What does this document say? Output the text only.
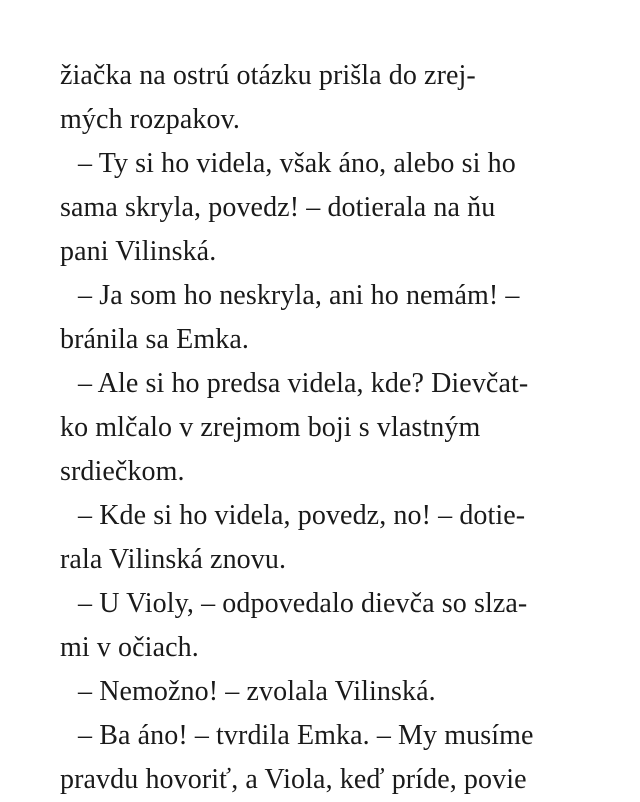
žiačka na ostrú otázku prišla do zrej-
mých rozpakov.
– Ty si ho videla, však áno, alebo si ho
sama skryla, povedz! – dotierala na ňu
pani Vilinská.
– Ja som ho neskryla, ani ho nemám! –
bránila sa Emka.
– Ale si ho predsa videla, kde? Dievčat-
ko mlčalo v zrejmom boji s vlastným
srdiečkom.
– Kde si ho videla, povedz, no! – dotie-
rala Vilinská znovu.
– U Violy, – odpovedalo dievča so slza-
mi v očiach.
– Nemožno! – zvolala Vilinská.
– Ba áno! – tvrdila Emka. – My musíme
pravdu hovoriť, a Viola, keď príde, povie
